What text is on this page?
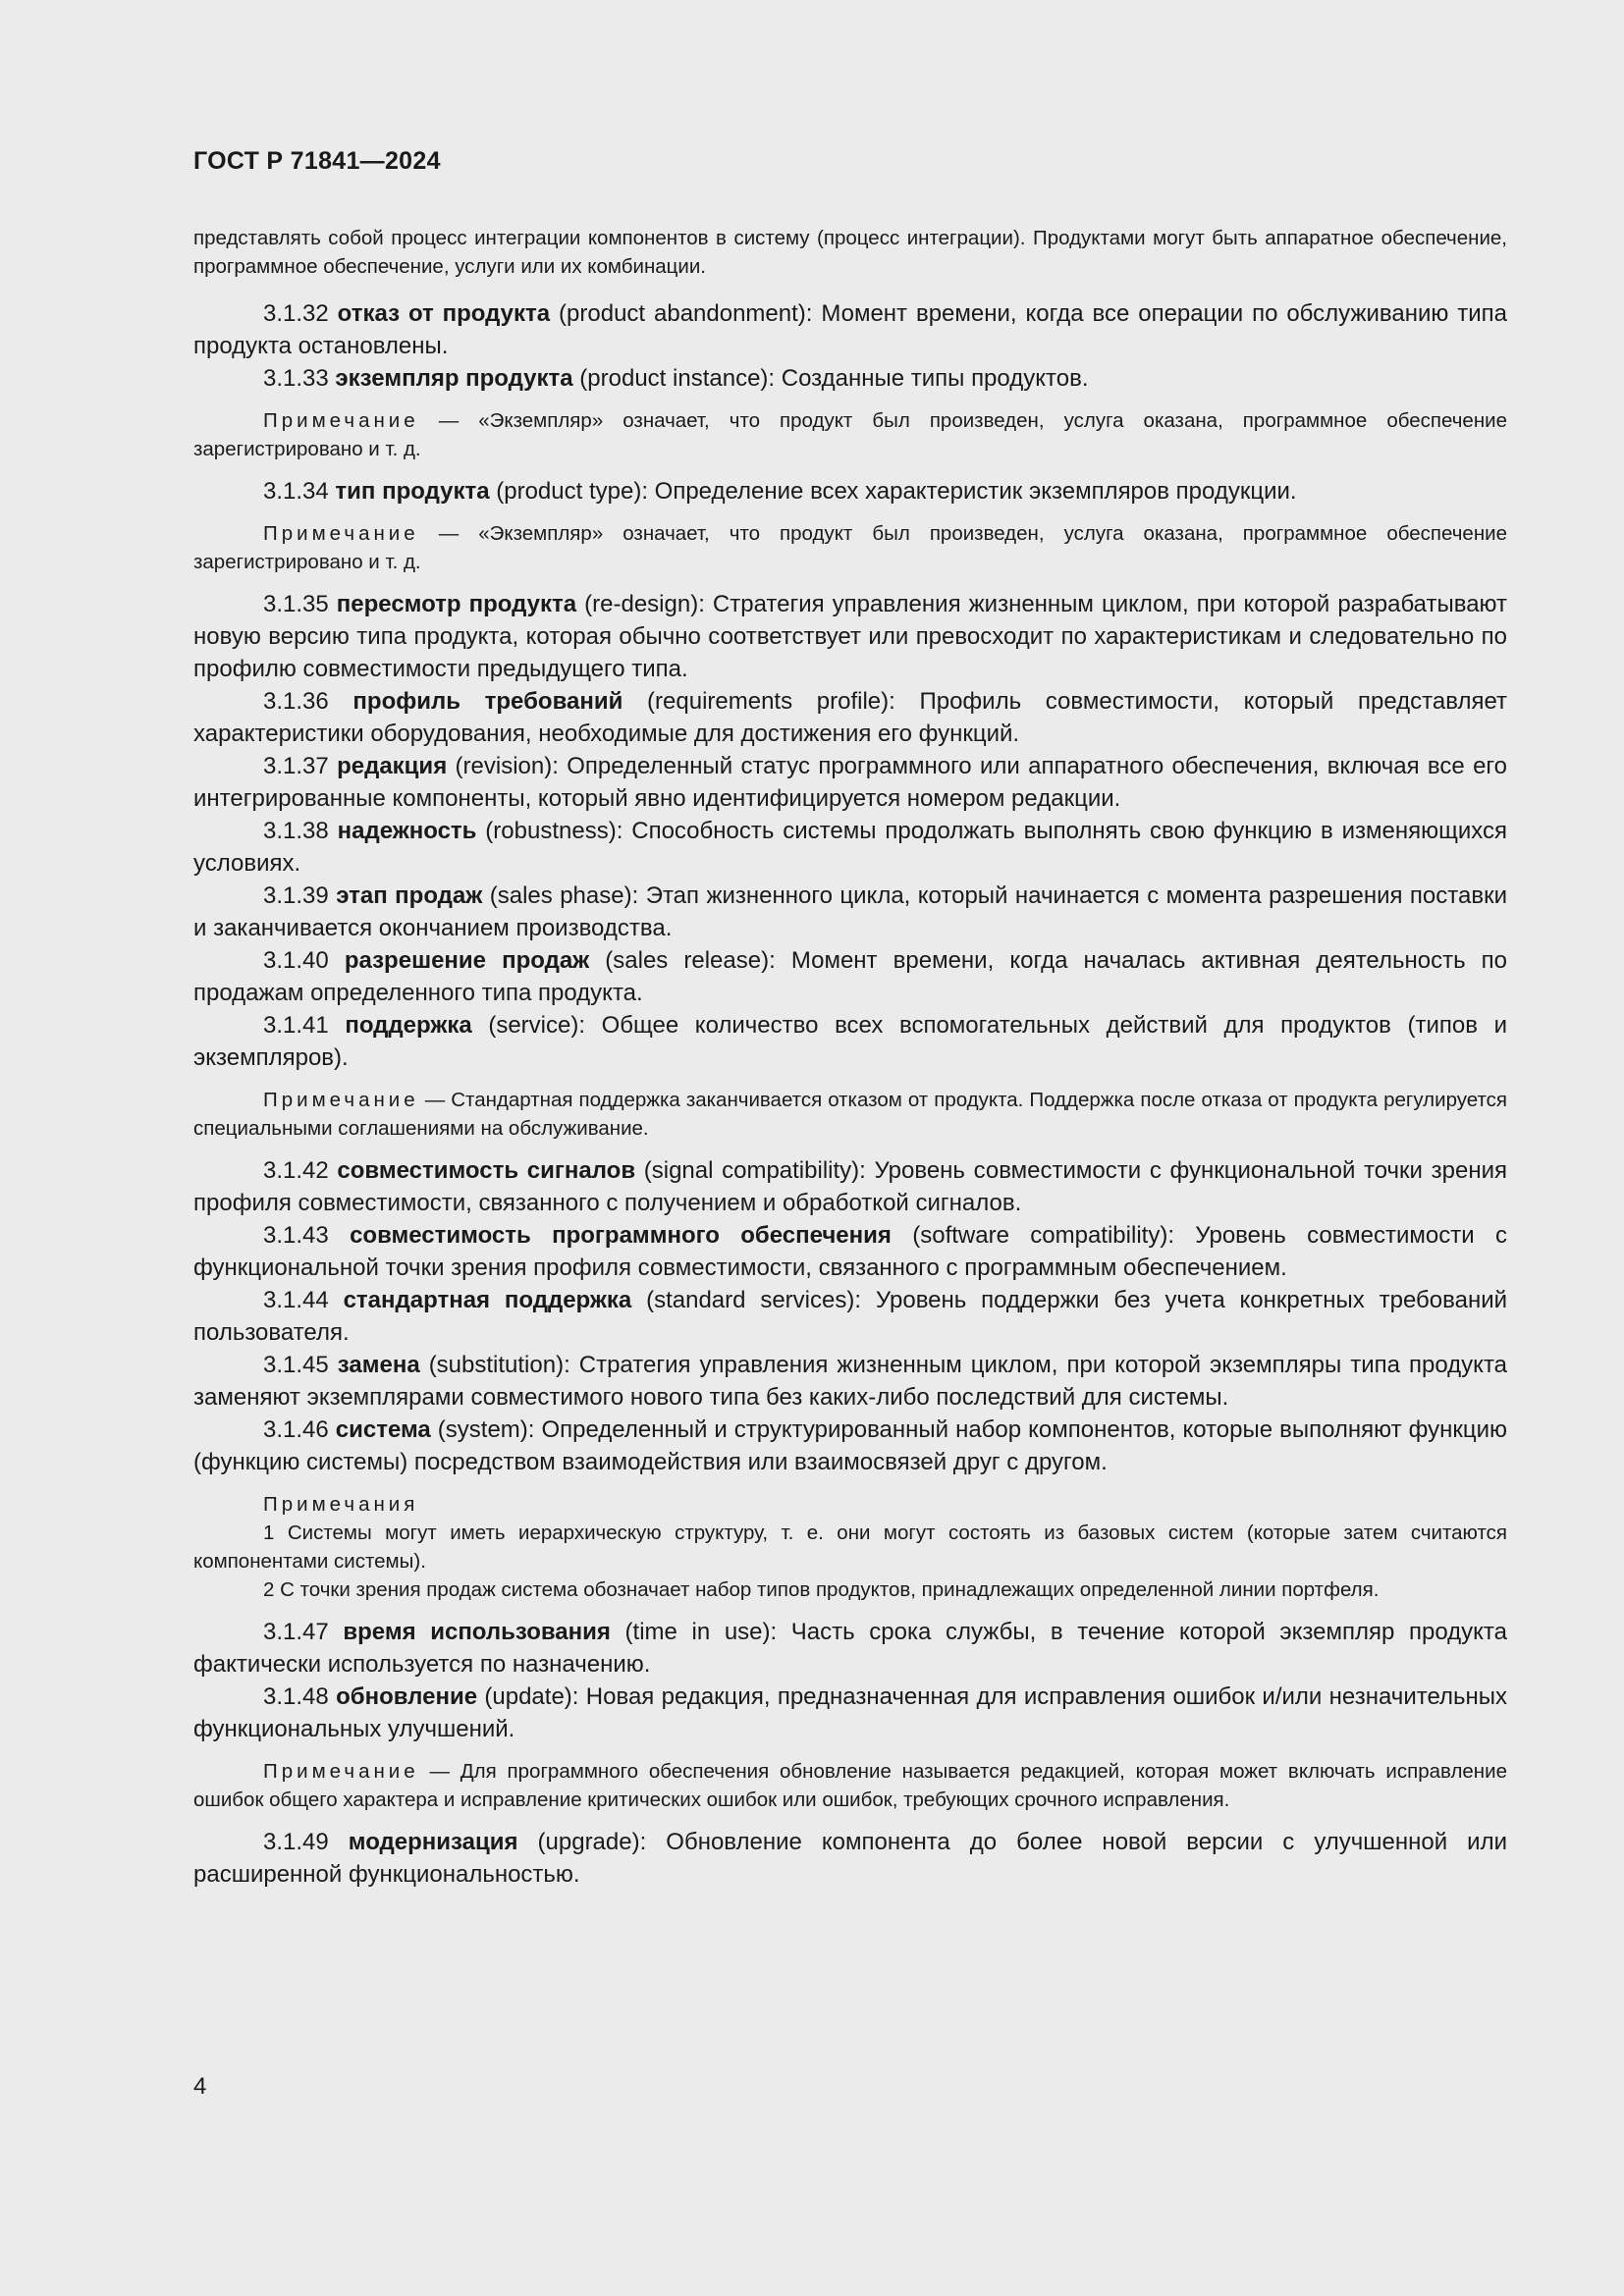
ГОСТ Р 71841—2024

представлять собой процесс интеграции компонентов в систему (процесс интеграции). Продуктами могут быть аппаратное обеспечение, программное обеспечение, услуги или их комбинации.

3.1.32 отказ от продукта (product abandonment): Момент времени, когда все операции по обслуживанию типа продукта остановлены.

3.1.33 экземпляр продукта (product instance): Созданные типы продуктов.

Примечание — «Экземпляр» означает, что продукт был произведен, услуга оказана, программное обеспечение зарегистрировано и т. д.

3.1.34 тип продукта (product type): Определение всех характеристик экземпляров продукции.

Примечание — «Экземпляр» означает, что продукт был произведен, услуга оказана, программное обеспечение зарегистрировано и т. д.

3.1.35 пересмотр продукта (re-design): Стратегия управления жизненным циклом, при которой разрабатывают новую версию типа продукта, которая обычно соответствует или превосходит по характеристикам и следовательно по профилю совместимости предыдущего типа.

3.1.36 профиль требований (requirements profile): Профиль совместимости, который представляет характеристики оборудования, необходимые для достижения его функций.

3.1.37 редакция (revision): Определенный статус программного или аппаратного обеспечения, включая все его интегрированные компоненты, который явно идентифицируется номером редакции.

3.1.38 надежность (robustness): Способность системы продолжать выполнять свою функцию в изменяющихся условиях.

3.1.39 этап продаж (sales phase): Этап жизненного цикла, который начинается с момента разрешения поставки и заканчивается окончанием производства.

3.1.40 разрешение продаж (sales release): Момент времени, когда началась активная деятельность по продажам определенного типа продукта.

3.1.41 поддержка (service): Общее количество всех вспомогательных действий для продуктов (типов и экземпляров).

Примечание — Стандартная поддержка заканчивается отказом от продукта. Поддержка после отказа от продукта регулируется специальными соглашениями на обслуживание.

3.1.42 совместимость сигналов (signal compatibility): Уровень совместимости с функциональной точки зрения профиля совместимости, связанного с получением и обработкой сигналов.

3.1.43 совместимость программного обеспечения (software compatibility): Уровень совместимости с функциональной точки зрения профиля совместимости, связанного с программным обеспечением.

3.1.44 стандартная поддержка (standard services): Уровень поддержки без учета конкретных требований пользователя.

3.1.45 замена (substitution): Стратегия управления жизненным циклом, при которой экземпляры типа продукта заменяют экземплярами совместимого нового типа без каких-либо последствий для системы.

3.1.46 система (system): Определенный и структурированный набор компонентов, которые выполняют функцию (функцию системы) посредством взаимодействия или взаимосвязей друг с другом.

Примечания

1 Системы могут иметь иерархическую структуру, т. е. они могут состоять из базовых систем (которые затем считаются компонентами системы).

2 С точки зрения продаж система обозначает набор типов продуктов, принадлежащих определенной линии портфеля.

3.1.47 время использования (time in use): Часть срока службы, в течение которой экземпляр продукта фактически используется по назначению.

3.1.48 обновление (update): Новая редакция, предназначенная для исправления ошибок и/или незначительных функциональных улучшений.

Примечание — Для программного обеспечения обновление называется редакцией, которая может включать исправление ошибок общего характера и исправление критических ошибок или ошибок, требующих срочного исправления.

3.1.49 модернизация (upgrade): Обновление компонента до более новой версии с улучшенной или расширенной функциональностью.

4
